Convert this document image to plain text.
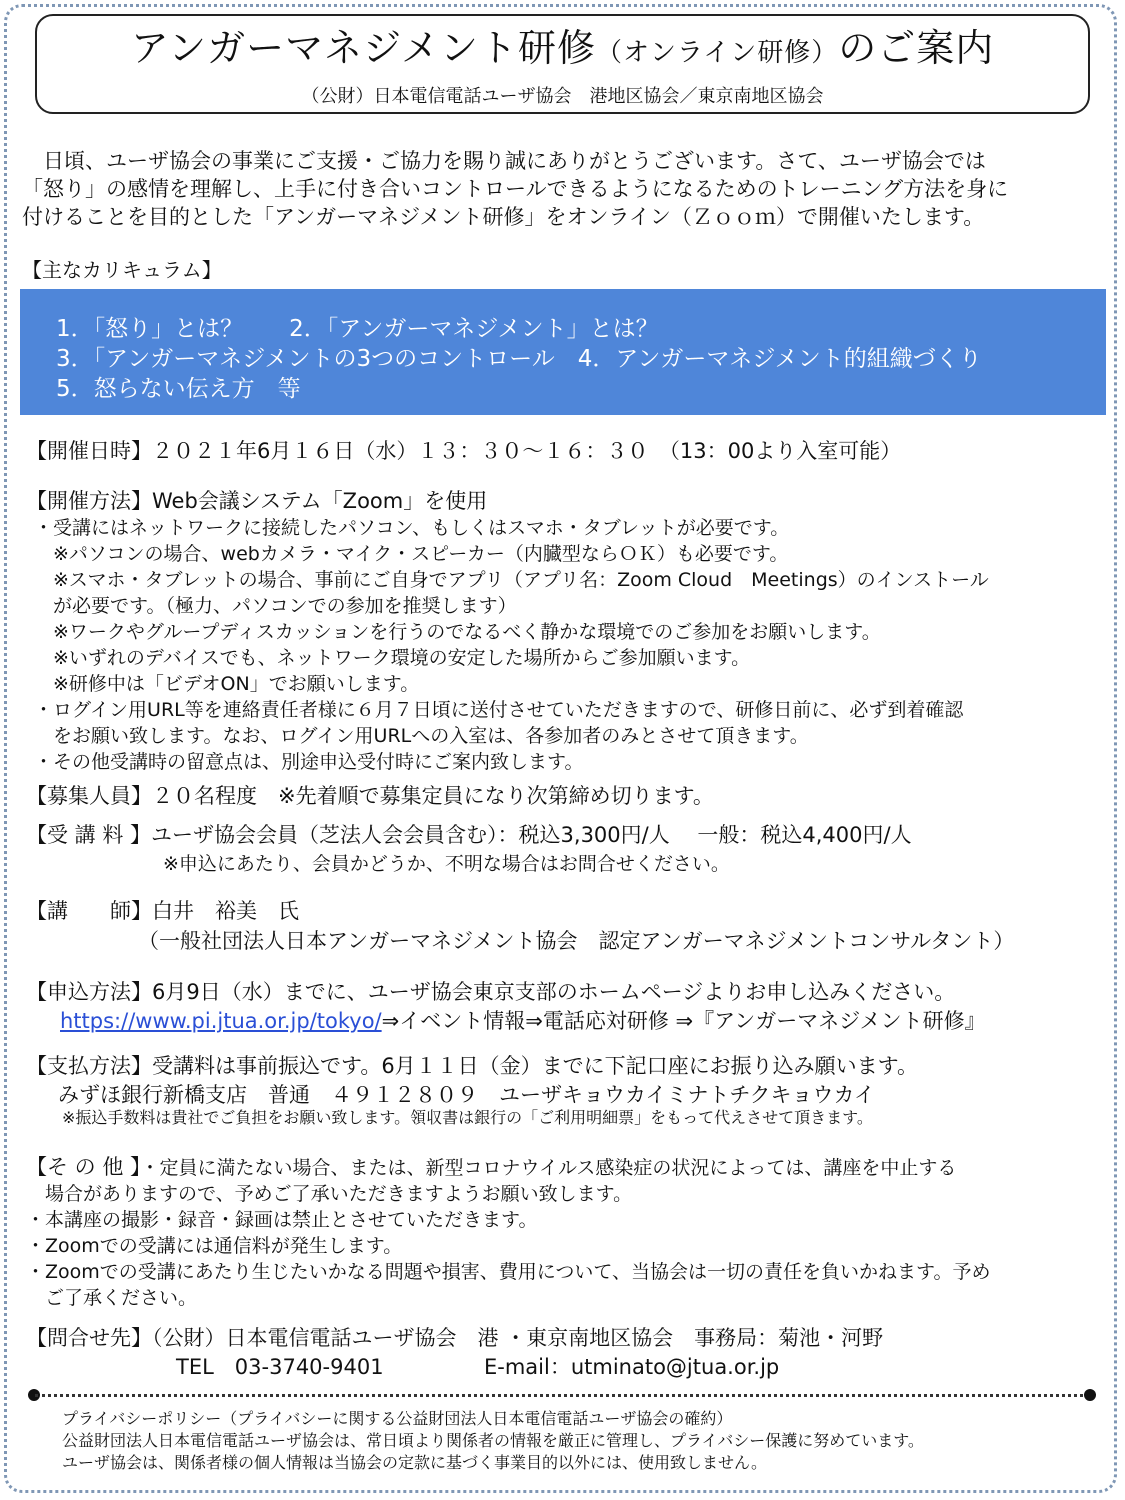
アンガーマネジメント研修（オンライン研修）のご案内
（公財）日本電信電話ユーザ協会　港地区協会／東京南地区協会
　日頃、ユーザ協会の事業にご支援・ご協力を賜り誠にありがとうございます。さて、ユーザ協会では
「怒り」の感情を理解し、上手に付き合いコントロールできるようになるためのトレーニング方法を身に
付けることを目的とした「アンガーマネジメント研修」をオンライン（Ｚｏｏｍ）で開催いたします。
【主なカリキュラム】
1．「怒り」とは？　　2．「アンガーマネジメント」とは？
3．「アンガーマネジメントの3つのコントロール　4．アンガーマネジメント的組織づくり
5．怒らない伝え方　等
【開催日時】２０２１年6月１６日（水）１３：３０～１６：３０　（13：00より入室可能）
【開催方法】Web会議システム「Zoom」を使用
・受講にはネットワークに接続したパソコン、もしくはスマホ・タブレットが必要です。
　※パソコンの場合、webカメラ・マイク・スピーカー（内臓型ならＯＫ）も必要です。
　※スマホ・タブレットの場合、事前にご自身でアプリ（アプリ名：Zoom Cloud　Meetings）のインストール
　が必要です。（極力、パソコンでの参加を推奨します）
　※ワークやグループディスカッションを行うのでなるべく静かな環境でのご参加をお願いします。
　※いずれのデバイスでも、ネットワーク環境の安定した場所からご参加願います。
　※研修中は「ビデオON」でお願いします。
・ログイン用URL等を連絡責任者様に６月７日頃に送付させていただきますので、研修日前に、必ず到着確認
　をお願い致します。なお、ログイン用URLへの入室は、各参加者のみとさせて頂きます。
・その他受講時の留意点は、別途申込受付時にご案内致します。
【募集人員】２０名程度　※先着順で募集定員になり次第締め切ります。
【受 講 料 】ユーザ協会会員（芝法人会会員含む）：税込3,300円/人　 一般：税込4,400円/人
※申込にあたり、会員かどうか、不明な場合はお問合せください。
【講　　師】白井　裕美　氏
（一般社団法人日本アンガーマネジメント協会　認定アンガーマネジメントコンサルタント）
【申込方法】6月9日（水）までに、ユーザ協会東京支部のホームページよりお申し込みください。
https://www.pi.jtua.or.jp/tokyo/⇒イベント情報⇒電話応対研修 ⇒『アンガーマネジメント研修』
【支払方法】受講料は事前振込です。6月１１日（金）までに下記口座にお振り込み願います。
みずほ銀行新橋支店　普通　４９１２８０９　ユーザキョウカイミナトチクキョウカイ
※振込手数料は貴社でご負担をお願い致します。領収書は銀行の「ご利用明細票」をもって代えさせて頂きます。
【そ の 他 】・定員に満たない場合、または、新型コロナウイルス感染症の状況によっては、講座を中止する
　場合がありますので、予めご了承いただきますようお願い致します。
・本講座の撮影・録音・録画は禁止とさせていただきます。
・Zoomでの受講には通信料が発生します。
・Zoomでの受講にあたり生じたいかなる問題や損害、費用について、当協会は一切の責任を負いかねます。予め
　ご了承ください。
【問合せ先】（公財）日本電信電話ユーザ協会　港 ・東京南地区協会　事務局：菊池・河野
TEL　03-3740-9401	E-mail：utminato@jtua.or.jp
プライバシーポリシー（プライバシーに関する公益財団法人日本電信電話ユーザ協会の確約）
公益財団法人日本電信電話ユーザ協会は、常日頃より関係者の情報を厳正に管理し、プライバシー保護に努めています。
ユーザ協会は、関係者様の個人情報は当協会の定款に基づく事業目的以外には、使用致しません。
